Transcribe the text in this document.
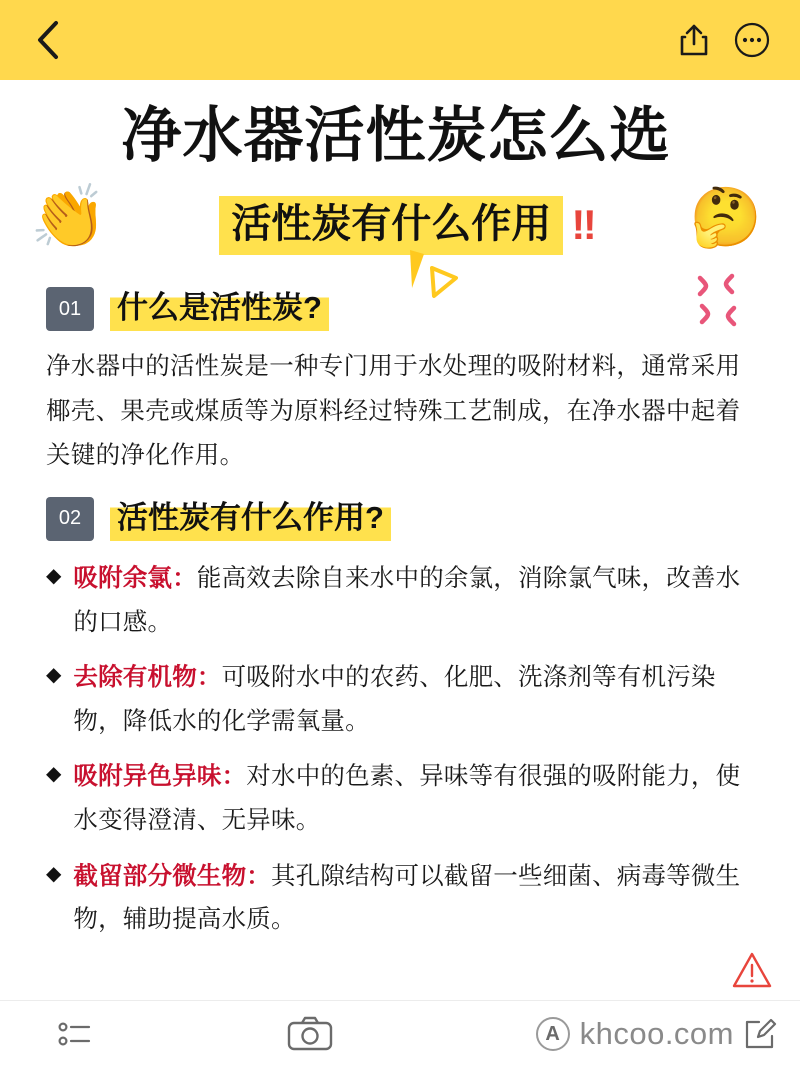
净水器活性炭怎么选
👏	活性炭有什么作用 ‼ 🤔
01	什么是活性炭?
净水器中的活性炭是一种专门用于水处理的吸附材料，通常采用椰壳、果壳或煤质等为原料经过特殊工艺制成，在净水器中起着关键的净化作用。
02	活性炭有什么作用?
◆ 吸附余氯：能高效去除自来水中的余氯，消除氯气味，改善水的口感。
◆ 去除有机物：可吸附水中的农药、化肥、洗涤剂等有机污染物，降低水的化学需氧量。
◆ 吸附异色异味：对水中的色素、异味等有很强的吸附能力，使水变得澄清、无异味。
◆ 截留部分微生物：其孔隙结构可以截留一些细菌、病毒等微生物，辅助提高水质。
A khcoo.com
